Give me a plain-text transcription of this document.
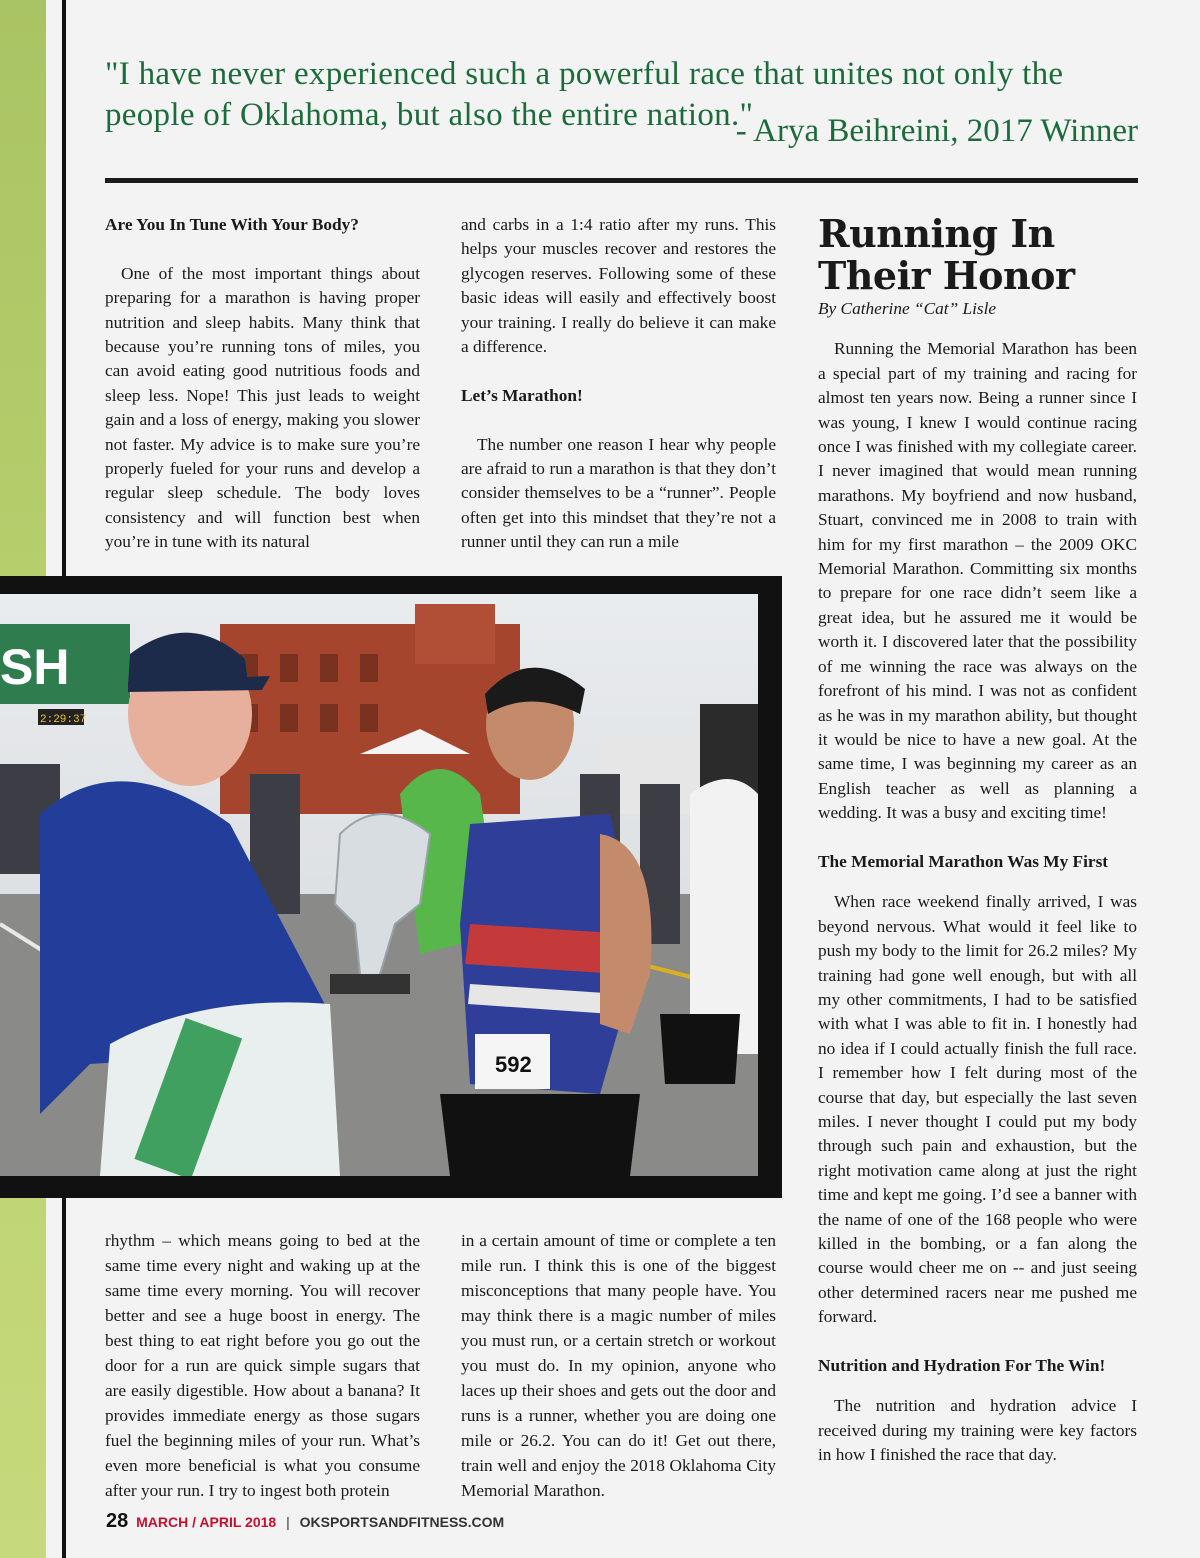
"I have never experienced such a powerful race that unites not only the people of Oklahoma, but also the entire nation."
- Arya Beihreini, 2017 Winner
Are You In Tune With Your Body?

One of the most important things about preparing for a marathon is having proper nutrition and sleep habits. Many think that because you’re running tons of miles, you can avoid eating good nutritious foods and sleep less. Nope! This just leads to weight gain and a loss of energy, making you slower not faster. My advice is to make sure you’re properly fueled for your runs and develop a regular sleep schedule. The body loves consistency and will function best when you’re in tune with its natural

and carbs in a 1:4 ratio after my runs. This helps your muscles recover and restores the glycogen reserves. Following some of these basic ideas will easily and effectively boost your training. I really do believe it can make a difference.

Let’s Marathon!

The number one reason I hear why people are afraid to run a marathon is that they don’t consider themselves to be a “runner”. People often get into this mindset that they’re not a runner until they can run a mile

Running In
Their Honor

By Catherine “Cat” Lisle

Running the Memorial Marathon has been a special part of my training and racing for almost ten years now. Being a runner since I was young, I knew I would continue racing once I was finished with my collegiate career. I never imagined that would mean running marathons. My boyfriend and now husband, Stuart, convinced me in 2008 to train with him for my first marathon – the 2009 OKC Memorial Marathon. Committing six months to prepare for one race didn’t seem like a great idea, but he assured me it would be worth it. I discovered later that the possibility of me winning the race was always on the forefront of his mind. I was not as confident as he was in my marathon ability, but thought it would be nice to have a new goal. At the same time, I was beginning my career as an English teacher as well as planning a wedding. It was a busy and exciting time!

The Memorial Marathon Was My First

When race weekend finally arrived, I was beyond nervous. What would it feel like to push my body to the limit for 26.2 miles? My training had gone well enough, but with all my other commitments, I had to be satisfied with what I was able to fit in. I honestly had no idea if I could actually finish the full race. I remember how I felt during most of the course that day, but especially the last seven miles. I never thought I could put my body through such pain and exhaustion, but the right motivation came along at just the right time and kept me going. I’d see a banner with the name of one of the 168 people who were killed in the bombing, or a fan along the course would cheer me on -- and just seeing other determined racers near me pushed me forward.

Nutrition and Hydration For The Win!

The nutrition and hydration advice I received during my training were key factors in how I finished the race that day.

SH
2:29:37
592

rhythm – which means going to bed at the same time every night and waking up at the same time every morning. You will recover better and see a huge boost in energy. The best thing to eat right before you go out the door for a run are quick simple sugars that are easily digestible. How about a banana? It provides immediate energy as those sugars fuel the beginning miles of your run. What’s even more beneficial is what you consume after your run. I try to ingest both protein

in a certain amount of time or complete a ten mile run. I think this is one of the biggest misconceptions that many people have. You may think there is a magic number of miles you must run, or a certain stretch or workout you must do. In my opinion, anyone who laces up their shoes and gets out the door and runs is a runner, whether you are doing one mile or 26.2. You can do it! Get out there, train well and enjoy the 2018 Oklahoma City Memorial Marathon.

28 MARCH / APRIL 2018 | OKSPORTSANDFITNESS.COM
